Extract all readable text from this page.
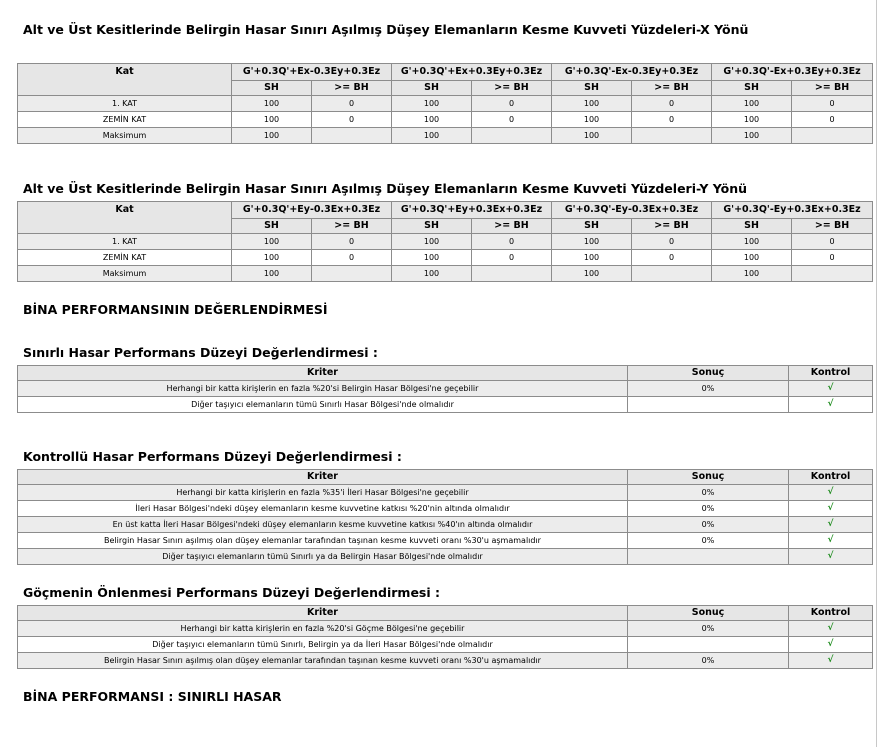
Alt ve Üst Kesitlerinde Belirgin Hasar Sınırı Aşılmış Düşey Elemanların Kesme Kuvveti Yüzdeleri-X Yönü
Kat	G'+0.3Q'+Ex-0.3Ey+0.3Ez		G'+0.3Q'+Ex+0.3Ey+0.3Ez		G'+0.3Q'-Ex-0.3Ey+0.3Ez		G'+0.3Q'-Ex+0.3Ey+0.3Ez	
	SH	>= BH	SH	>= BH	SH	>= BH	SH	>= BH
1. KAT	100	0	100	0	100	0	100	0
ZEMİN KAT	100	0	100	0	100	0	100	0
Maksimum	100		100		100		100	
Alt ve Üst Kesitlerinde Belirgin Hasar Sınırı Aşılmış Düşey Elemanların Kesme Kuvveti Yüzdeleri-Y Yönü
Kat	G'+0.3Q'+Ey-0.3Ex+0.3Ez		G'+0.3Q'+Ey+0.3Ex+0.3Ez		G'+0.3Q'-Ey-0.3Ex+0.3Ez		G'+0.3Q'-Ey+0.3Ex+0.3Ez	
	SH	>= BH	SH	>= BH	SH	>= BH	SH	>= BH
1. KAT	100	0	100	0	100	0	100	0
ZEMİN KAT	100	0	100	0	100	0	100	0
Maksimum	100		100		100		100	
BİNA PERFORMANSININ DEĞERLENDİRMESİ
Sınırlı Hasar Performans Düzeyi Değerlendirmesi :
Kriter	Sonuç	Kontrol
Herhangi bir katta kirişlerin en fazla %20'si Belirgin Hasar Bölgesi'ne geçebilir	0%	√
Diğer taşıyıcı elemanların tümü Sınırlı Hasar Bölgesi'nde olmalıdır		√
Kontrollü Hasar Performans Düzeyi Değerlendirmesi :
Kriter	Sonuç	Kontrol
Herhangi bir katta kirişlerin en fazla %35'i İleri Hasar Bölgesi'ne geçebilir	0%	√
İleri Hasar Bölgesi'ndeki düşey elemanların kesme kuvvetine katkısı %20'nin altında olmalıdır	0%	√
En üst katta İleri Hasar Bölgesi'ndeki düşey elemanların kesme kuvvetine katkısı %40'ın altında olmalıdır	0%	√
Belirgin Hasar Sınırı aşılmış olan düşey elemanlar tarafından taşınan kesme kuvveti oranı %30'u aşmamalıdır	0%	√
Diğer taşıyıcı elemanların tümü Sınırlı ya da Belirgin Hasar Bölgesi'nde olmalıdır		√
Göçmenin Önlenmesi Performans Düzeyi Değerlendirmesi :
Kriter	Sonuç	Kontrol
Herhangi bir katta kirişlerin en fazla %20'si Göçme Bölgesi'ne geçebilir	0%	√
Diğer taşıyıcı elemanların tümü Sınırlı, Belirgin ya da İleri Hasar Bölgesi'nde olmalıdır		√
Belirgin Hasar Sınırı aşılmış olan düşey elemanlar tarafından taşınan kesme kuvveti oranı %30'u aşmamalıdır	0%	√
BİNA PERFORMANSI : SINIRLI HASAR
